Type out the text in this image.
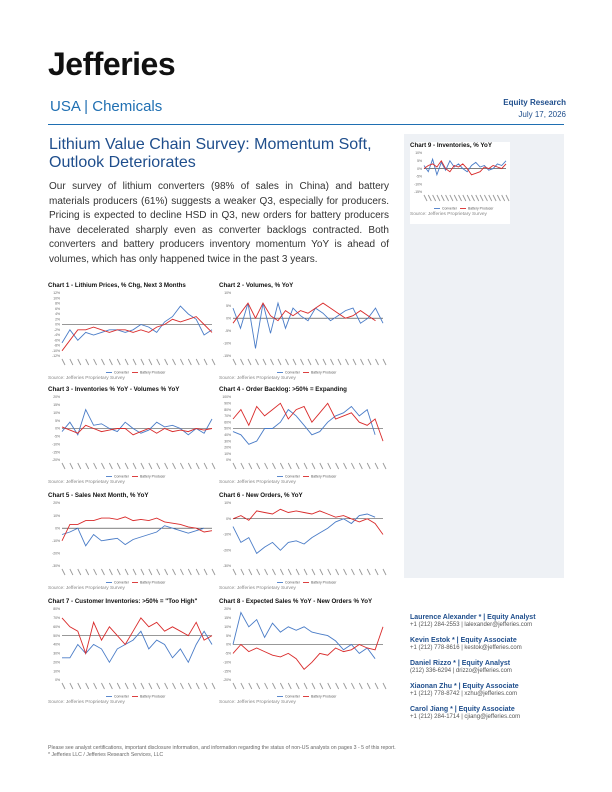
Jefferies
USA | Chemicals	Equity Research
July 17, 2026
Lithium Value Chain Survey: Momentum Soft, Outlook Deteriorates
Our survey of lithium converters (98% of sales in China) and battery materials producers (61%) suggests a weaker Q3, especially for producers. Pricing is expected to decline HSD in Q3, new orders for battery producers have decelerated sharply even as converter backlogs contracted. Both converters and battery producers inventory momentum YoY is ahead of volumes, which has only happened twice in the past 3 years.
Chart 1 - Lithium Prices, % Chg, Next 3 Months
-12%
-10%
-8%
-6%
-4%
-2%
0%
2%
4%
6%
8%
10%
12%
Converter	Battery Producer
Source: Jefferies Proprietary Survey
Chart 2 - Volumes, % YoY
-15%
-10%
-5%
0%
5%
10%
Converter	Battery Producer
Source: Jefferies Proprietary Survey
Chart 3 - Inventories % YoY - Volumes % YoY
-20%
-15%
-10%
-5%
0%
5%
10%
15%
20%
Converter	Battery Producer
Source: Jefferies Proprietary Survey
Chart 4 - Order Backlog: >50% = Expanding
0%
10%
20%
30%
40%
50%
60%
70%
80%
90%
100%
Converter	Battery Producer
Source: Jefferies Proprietary Survey
Chart 5 - Sales Next Month, % YoY
-30%
-20%
-10%
0%
10%
20%
Converter	Battery Producer
Source: Jefferies Proprietary Survey
Chart 6 - New Orders, % YoY
-30%
-20%
-10%
0%
10%
Converter	Battery Producer
Source: Jefferies Proprietary Survey
Chart 7 - Customer Inventories: >50% = "Too High"
0%
10%
20%
30%
40%
50%
60%
70%
80%
Converter	Battery Producer
Source: Jefferies Proprietary Survey
Chart 8 - Expected Sales % YoY - New Orders % YoY
-20%
-15%
-10%
-5%
0%
5%
10%
15%
20%
Converter	Battery Producer
Source: Jefferies Proprietary Survey
Chart 9 - Inventories, % YoY
-15%
-10%
-5%
0%
5%
10%
Converter	Battery Producer
Source: Jefferies Proprietary Survey
Laurence Alexander * | Equity Analyst
+1 (212) 284-2553 | lalexander@jefferies.com
Kevin Estok * | Equity Associate
+1 (212) 778-8616 | kestok@jefferies.com
Daniel Rizzo * | Equity Analyst
(212) 336-6294 | drizzo@jefferies.com
Xiaonan Zhu * | Equity Associate
+1 (212) 778-8742 | xzhu@jefferies.com
Carol Jiang * | Equity Associate
+1 (212) 284-1714 | cjiang@jefferies.com
Please see analyst certifications, important disclosure information, and information regarding the status of non-US analysts on pages 3 - 5 of this report.
* Jefferies LLC / Jefferies Research Services, LLC
